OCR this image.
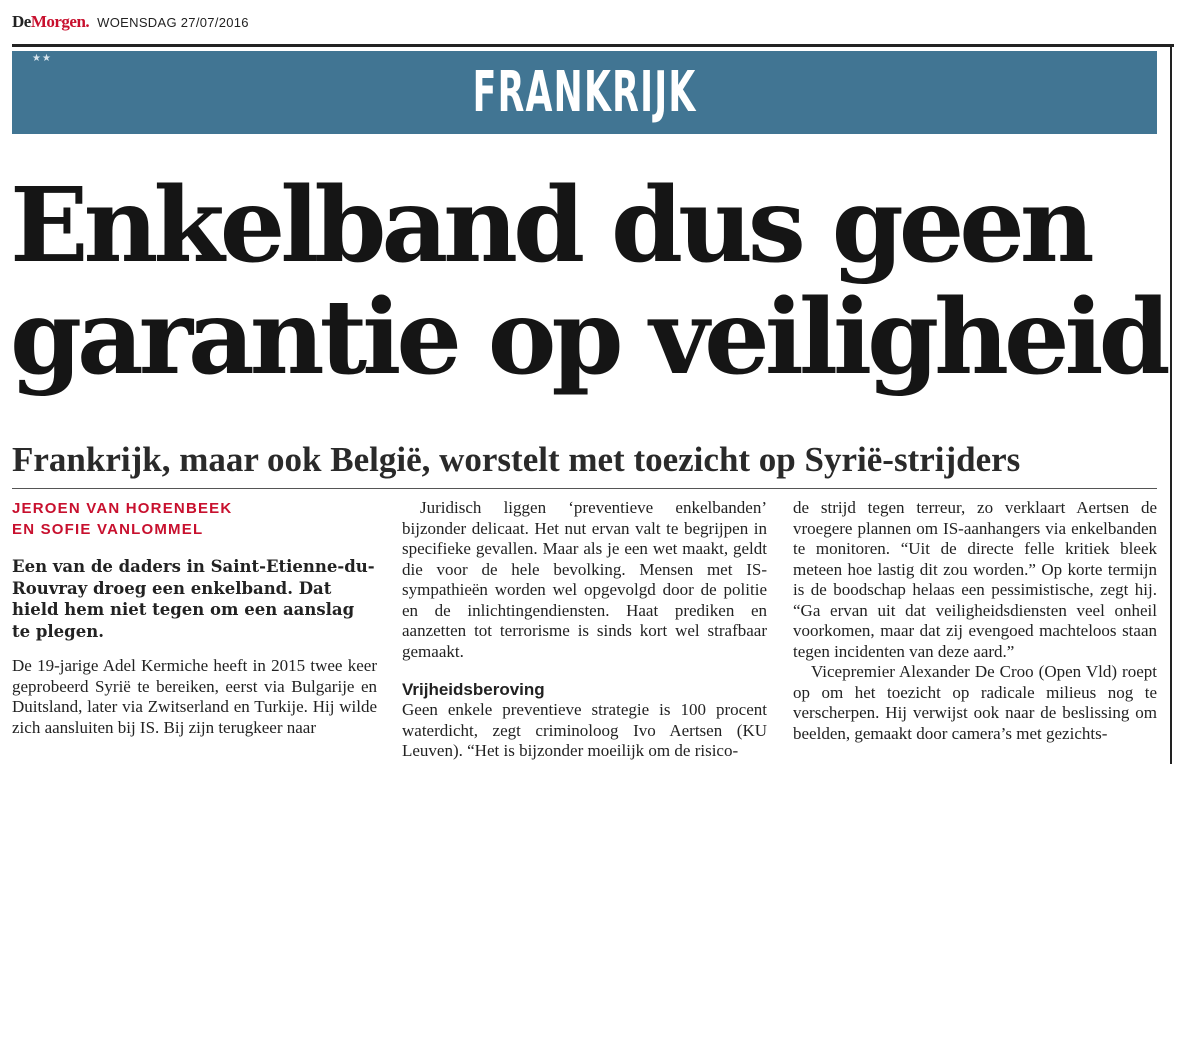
DeMorgen. WOENSDAG 27/07/2016
★★
FRANKRIJK
Enkelband dus geen garantie op veiligheid
Frankrijk, maar ook België, worstelt met toezicht op Syrië-strijders
JEROEN VAN HORENBEEK
EN SOFIE VANLOMMEL

Een van de daders in Saint-Etienne-du-Rouvray droeg een enkelband. Dat hield hem niet tegen om een aanslag te plegen.

De 19-jarige Adel Kermiche heeft in 2015 twee keer geprobeerd Syrië te bereiken, eerst via Bulgarije en Duitsland, later via Zwitserland en Turkije. Hij wilde zich aansluiten bij IS. Bij zijn terugkeer naar

Juridisch liggen ‘preventieve enkelbanden’ bijzonder delicaat. Het nut ervan valt te begrijpen in specifieke gevallen. Maar als je een wet maakt, geldt die voor de hele bevolking. Mensen met IS-sympathieën worden wel opgevolgd door de politie en de inlichtingendiensten. Haat prediken en aanzetten tot terrorisme is sinds kort wel strafbaar gemaakt.

Vrijheidsberoving

Geen enkele preventieve strategie is 100 procent waterdicht, zegt criminoloog Ivo Aertsen (KU Leuven). “Het is bijzonder moeilijk om de risico-

de strijd tegen terreur, zo verklaart Aertsen de vroegere plannen om IS-aanhangers via enkelbanden te monitoren. “Uit de directe felle kritiek bleek meteen hoe lastig dit zou worden.” Op korte termijn is de boodschap helaas een pessimistische, zegt hij. “Ga ervan uit dat veiligheidsdiensten veel onheil voorkomen, maar dat zij evengoed machteloos staan tegen incidenten van deze aard.”

Vicepremier Alexander De Croo (Open Vld) roept op om het toezicht op radicale milieus nog te verscherpen. Hij verwijst ook naar de beslissing om beelden, gemaakt door camera’s met gezichts-
